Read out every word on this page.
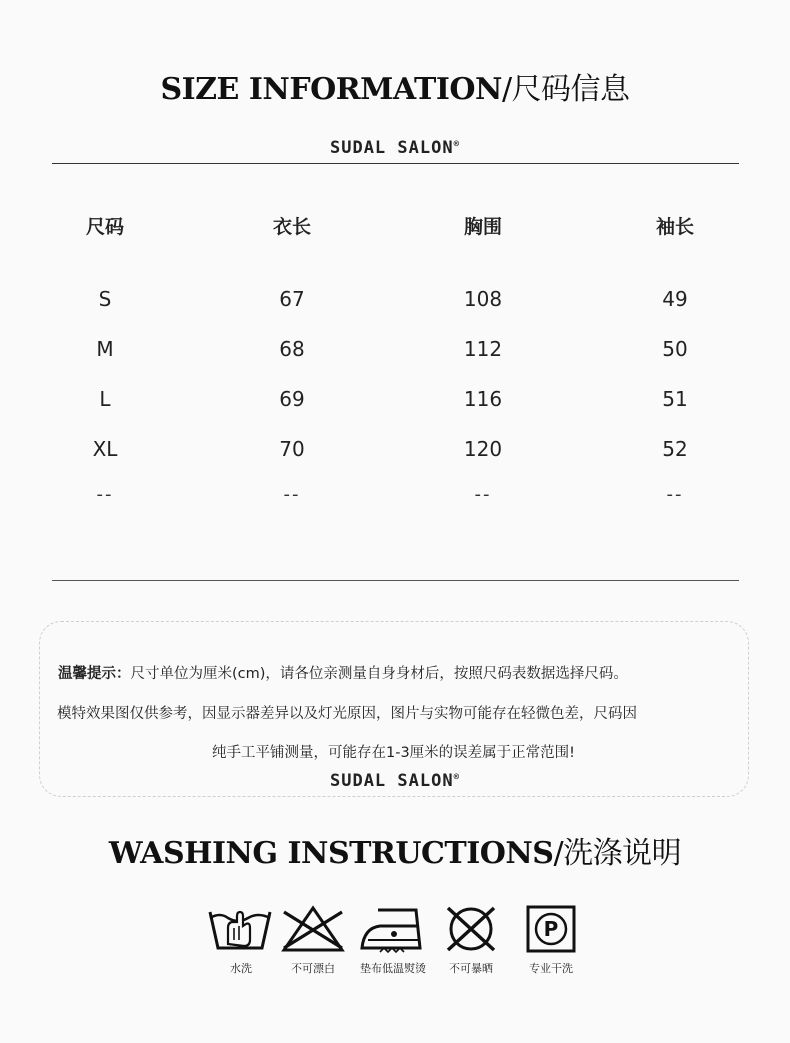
SIZE INFORMATION/尺码信息
SUDAL SALON®
尺码	衣长	胸围	袖长
S	67	108	49
M	68	112	50
L	69	116	51
XL	70	120	52
--	--	--	--
温馨提示：尺寸单位为厘米(cm)，请各位亲测量自身身材后，按照尺码表数据选择尺码。
模特效果图仅供参考，因显示器差异以及灯光原因，图片与实物可能存在轻微色差，尺码因
纯手工平铺测量，可能存在1-3厘米的误差属于正常范围!
SUDAL SALON®
WASHING INSTRUCTIONS/洗涤说明
水洗	不可漂白	垫布低温熨烫	不可暴晒
P
专业干洗
